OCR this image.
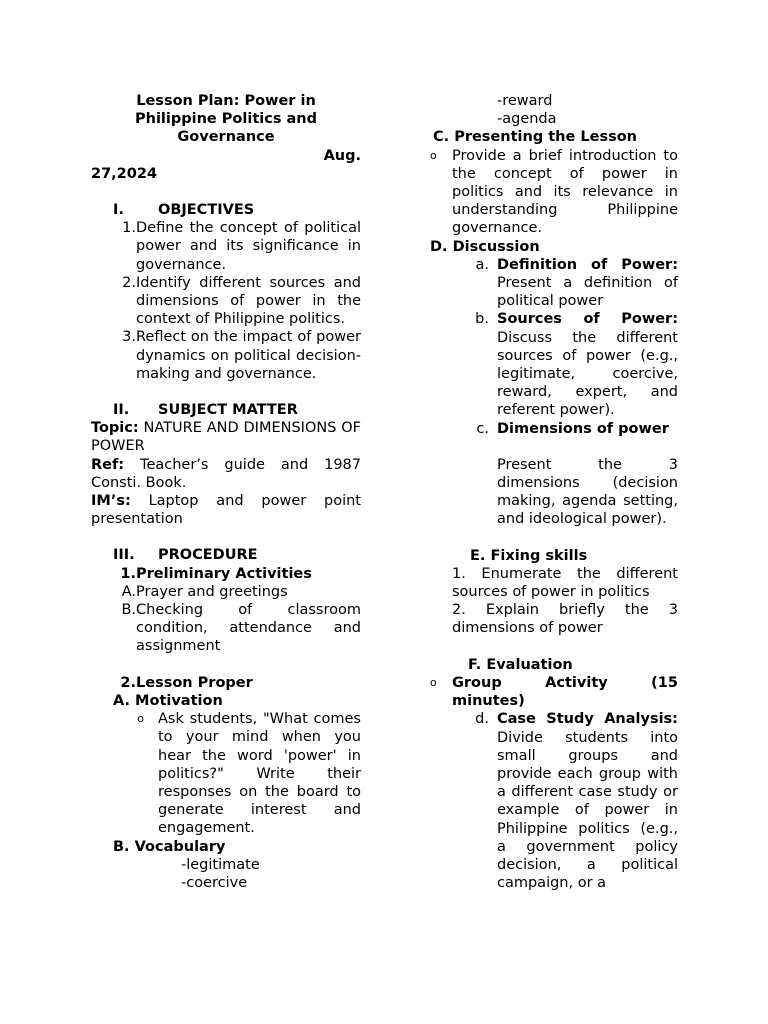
Lesson Plan: Power in
Philippine Politics and
Governance
Aug.
27,2024
I.	OBJECTIVES
1. Define the concept of political power and its significance in governance.
2. Identify different sources and dimensions of power in the context of Philippine politics.
3. Reflect on the impact of power dynamics on political decision-making and governance.
II.	SUBJECT MATTER
Topic: NATURE AND DIMENSIONS OF POWER
Ref: Teacher’s guide and 1987 Consti. Book.
IM’s: Laptop and power point presentation
III.	PROCEDURE
1. Preliminary Activities
A. Prayer and greetings
B. Checking of classroom condition, attendance and assignment
2. Lesson Proper
A. Motivation
o Ask students, "What comes to your mind when you hear the word 'power' in politics?" Write their responses on the board to generate interest and engagement.
B. Vocabulary
-legitimate
-coercive
-reward
-agenda
C. Presenting the Lesson
o	Provide a brief introduction to the concept of power in politics and its relevance in understanding Philippine governance.
D. Discussion
a. Definition of Power: Present a definition of political power
b. Sources of Power: Discuss the different sources of power (e.g., legitimate, coercive, reward, expert, and referent power).
c. Dimensions of power
Present the 3 dimensions (decision making, agenda setting, and ideological power).
E. Fixing skills
1. Enumerate the different sources of power in politics
2. Explain briefly the 3 dimensions of power
F. Evaluation
o	Group Activity (15 minutes)
d. Case Study Analysis: Divide students into small groups and provide each group with a different case study or example of power in Philippine politics (e.g., a government policy decision, a political campaign, or a
